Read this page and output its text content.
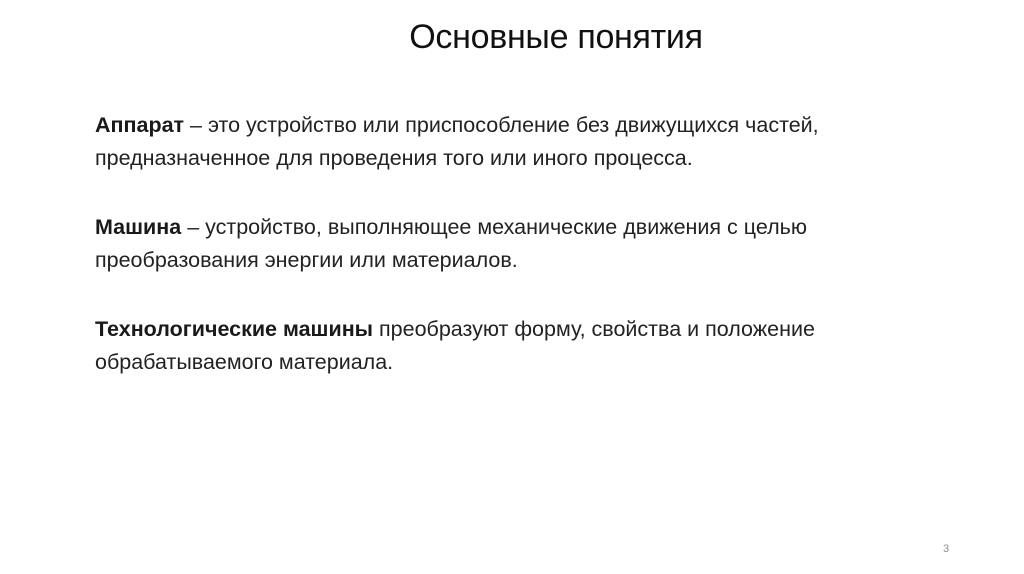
Основные понятия

Аппарат – это устройство или приспособление без движущихся частей, предназначенное для проведения того или иного процесса.

Машина – устройство, выполняющее механические движения с целью преобразования энергии или материалов.

Технологические машины преобразуют форму, свойства и положение обрабатываемого материала.

3
